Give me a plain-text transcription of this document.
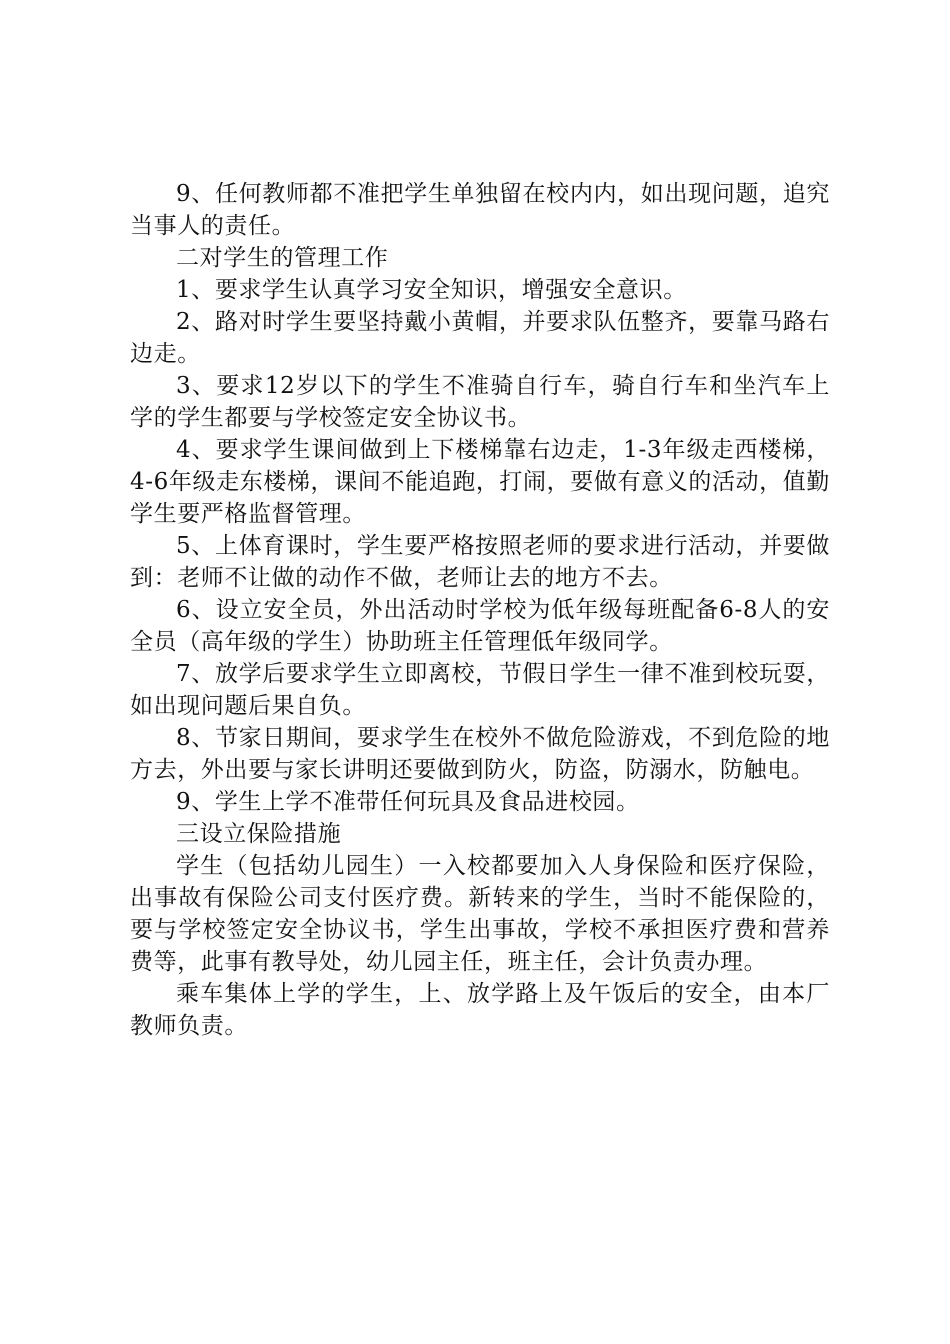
9、任何教师都不准把学生单独留在校内内，如出现问题，追究当事人的责任。

二对学生的管理工作

1、要求学生认真学习安全知识，增强安全意识。

2、路对时学生要坚持戴小黄帽，并要求队伍整齐，要靠马路右边走。

3、要求12岁以下的学生不准骑自行车，骑自行车和坐汽车上学的学生都要与学校签定安全协议书。

4、要求学生课间做到上下楼梯靠右边走，1-3年级走西楼梯，4-6年级走东楼梯，课间不能追跑，打闹，要做有意义的活动，值勤学生要严格监督管理。

5、上体育课时，学生要严格按照老师的要求进行活动，并要做到：老师不让做的动作不做，老师让去的地方不去。

6、设立安全员，外出活动时学校为低年级每班配备6-8人的安全员（高年级的学生）协助班主任管理低年级同学。

7、放学后要求学生立即离校，节假日学生一律不准到校玩耍，如出现问题后果自负。

8、节家日期间，要求学生在校外不做危险游戏，不到危险的地方去，外出要与家长讲明还要做到防火，防盗，防溺水，防触电。

9、学生上学不准带任何玩具及食品进校园。

三设立保险措施

学生（包括幼儿园生）一入校都要加入人身保险和医疗保险，出事故有保险公司支付医疗费。新转来的学生，当时不能保险的，要与学校签定安全协议书，学生出事故，学校不承担医疗费和营养费等，此事有教导处，幼儿园主任，班主任，会计负责办理。

乘车集体上学的学生，上、放学路上及午饭后的安全，由本厂教师负责。
